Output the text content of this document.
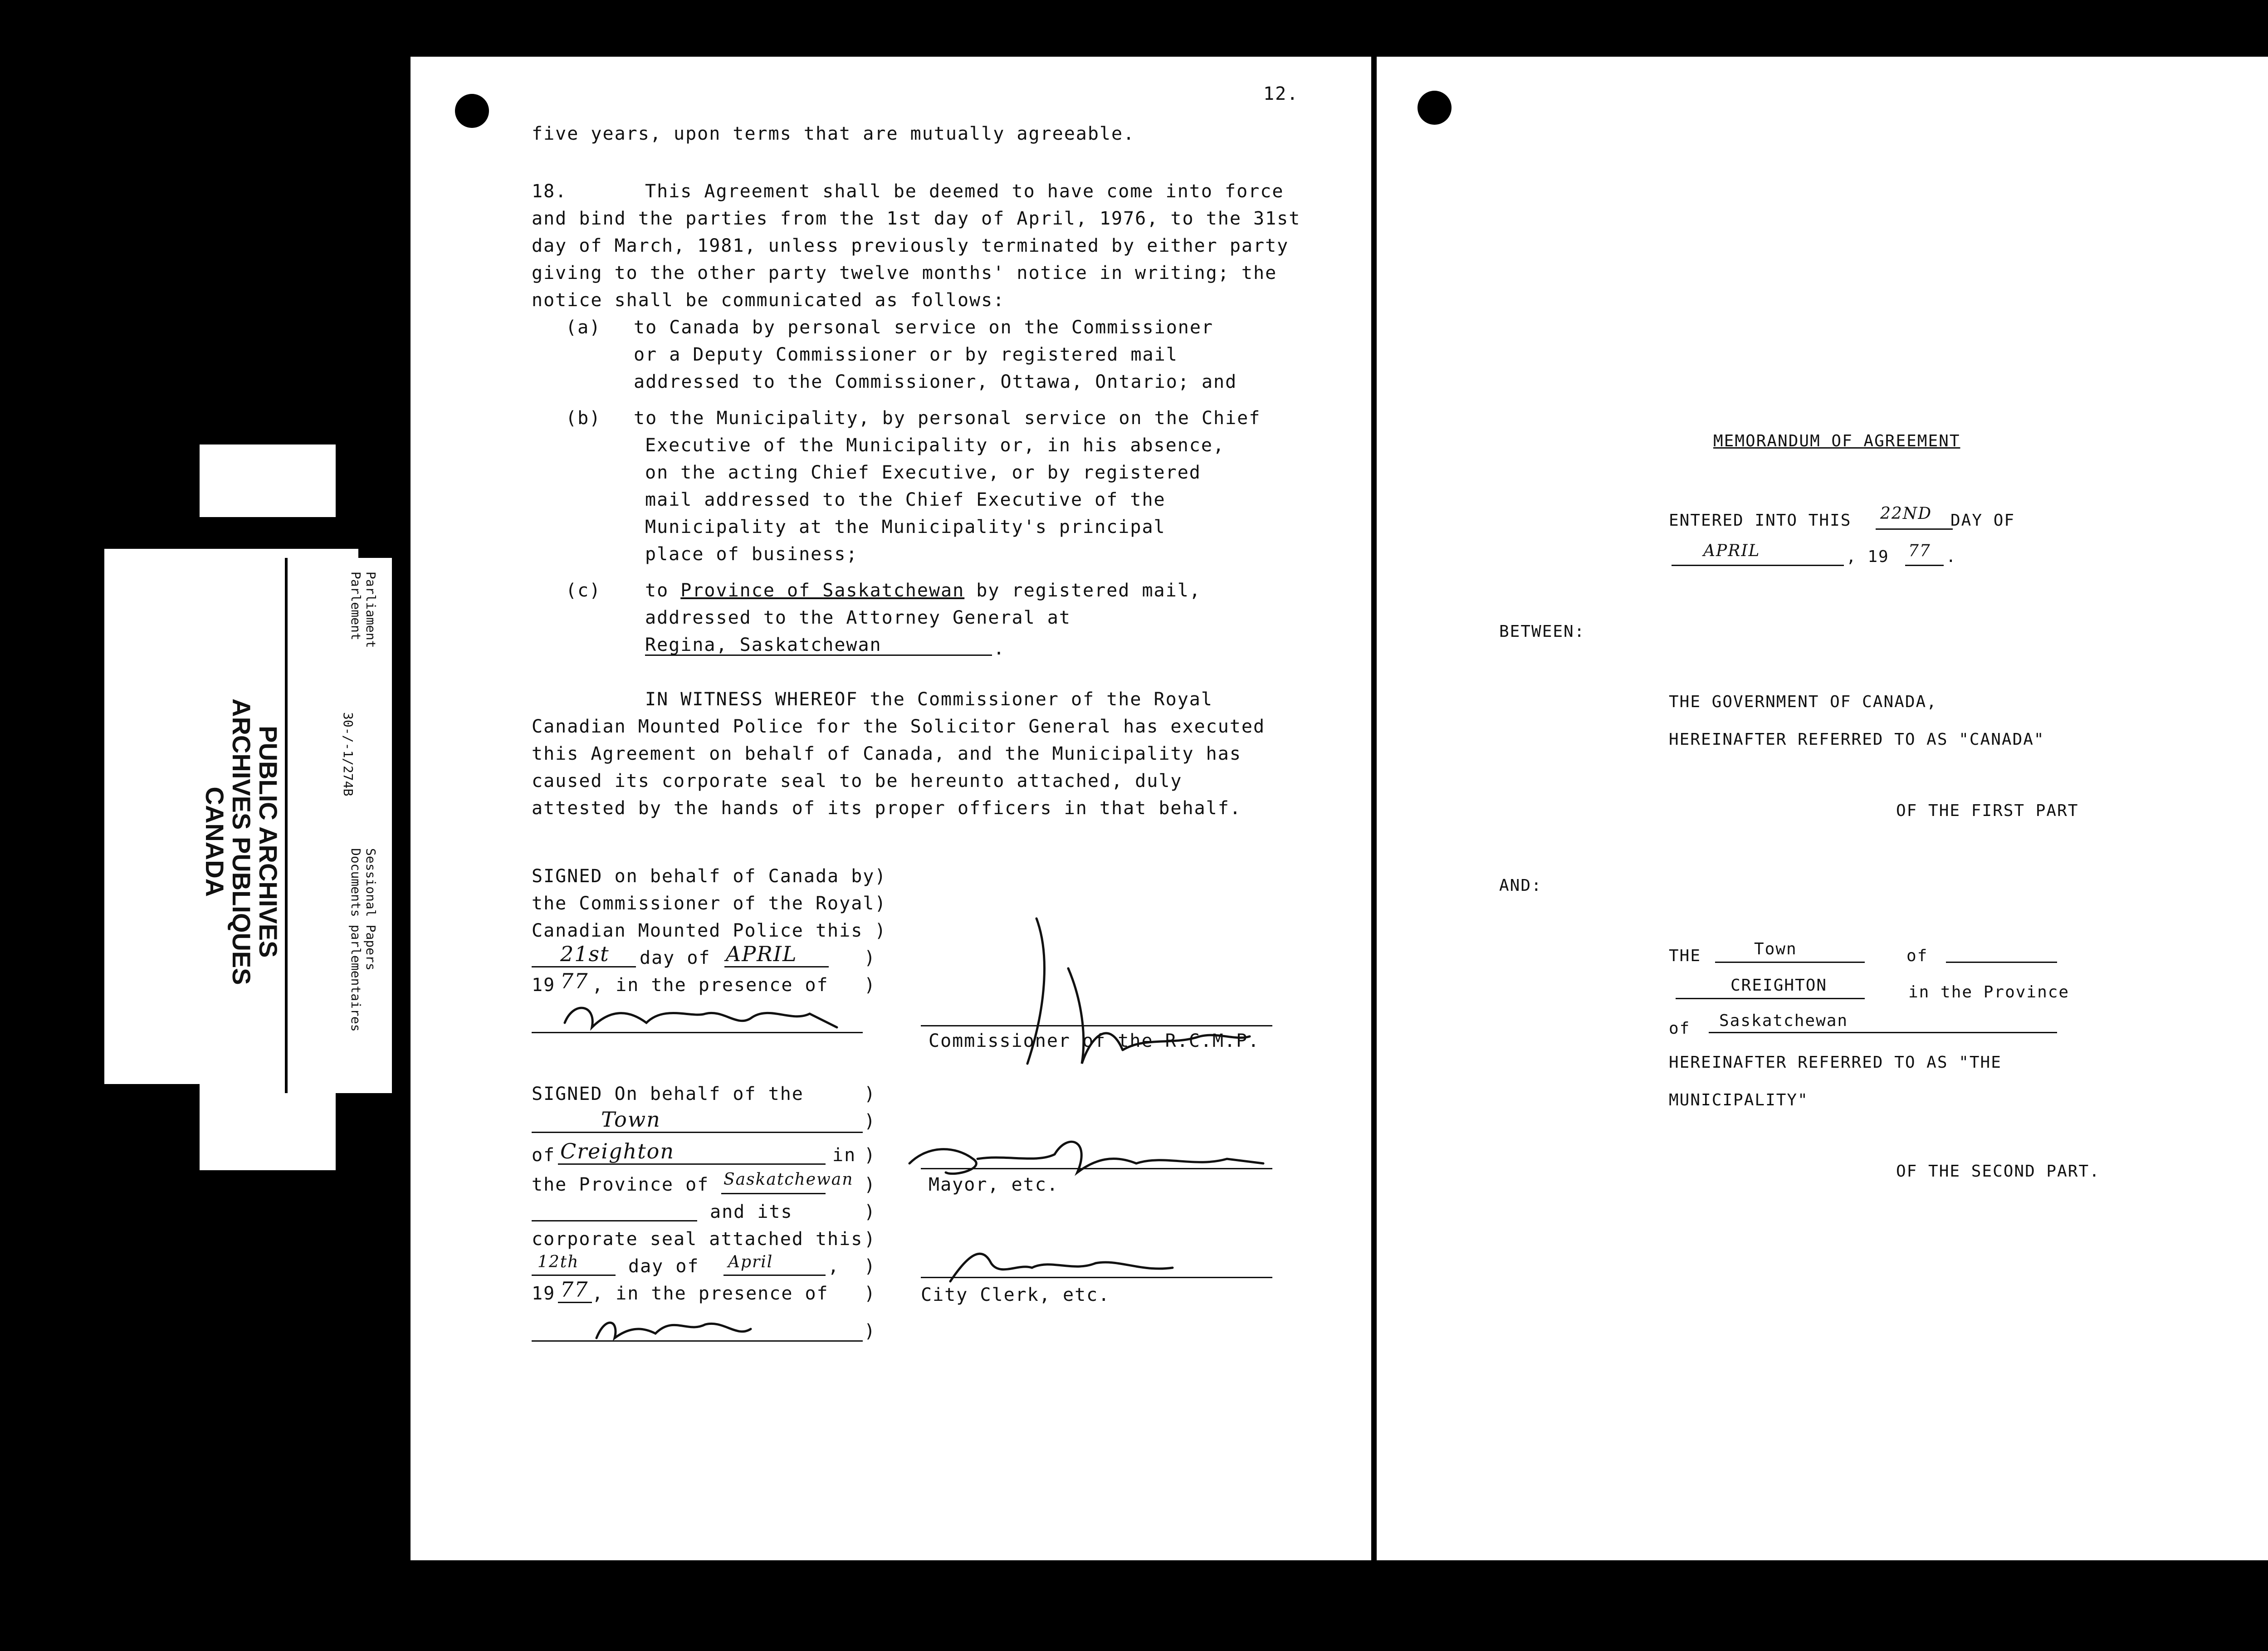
PUBLIC ARCHIVES
ARCHIVES PUBLIQUES
CANADA
Parliament
Parlement
30-/-1/274B
Sessional Papers
Documents parlementaires
12.
five years, upon terms that are mutually agreeable.
18.	This Agreement shall be deemed to have come into force
and bind the parties from the 1st day of April, 1976, to the 31st
day of March, 1981, unless previously terminated by either party
giving to the other party twelve months' notice in writing; the
notice shall be communicated as follows:
(a) to Canada by personal service on the Commissioner
or a Deputy Commissioner or by registered mail
addressed to the Commissioner, Ottawa, Ontario; and
(b) to the Municipality, by personal service on the Chief
Executive of the Municipality or, in his absence,
on the acting Chief Executive, or by registered
mail addressed to the Chief Executive of the
Municipality at the Municipality's principal
place of business;
(c) to Province of Saskatchewan by registered mail,
addressed to the Attorney General at
Regina, Saskatchewan	.
IN WITNESS WHEREOF the Commissioner of the Royal
Canadian Mounted Police for the Solicitor General has executed
this Agreement on behalf of Canada, and the Municipality has
caused its corporate seal to be hereunto attached, duly
attested by the hands of its proper officers in that behalf.
SIGNED on behalf of Canada by)
the Commissioner of the Royal)
Canadian Mounted Police this )
21st day of APRIL	)
19 77 , in the presence of )
Commissioner of the R.C.M.P.
SIGNED On behalf of the	)
Town	)
of Creighton	in )
the Province of Saskatchewan )
and its	)
corporate seal attached this )
12th	day of April	, )
19 77 , in the presence of )
)
Mayor, etc.
City Clerk, etc.
MEMORANDUM OF AGREEMENT
ENTERED INTO THIS 22ND DAY OF
APRIL	, 19 77 .
BETWEEN:
THE GOVERNMENT OF CANADA,
HEREINAFTER REFERRED TO AS "CANADA"
OF THE FIRST PART
AND:
THE	Town	of
CREIGHTON	in the Province
of Saskatchewan
HEREINAFTER REFERRED TO AS "THE
MUNICIPALITY"
OF THE SECOND PART.
